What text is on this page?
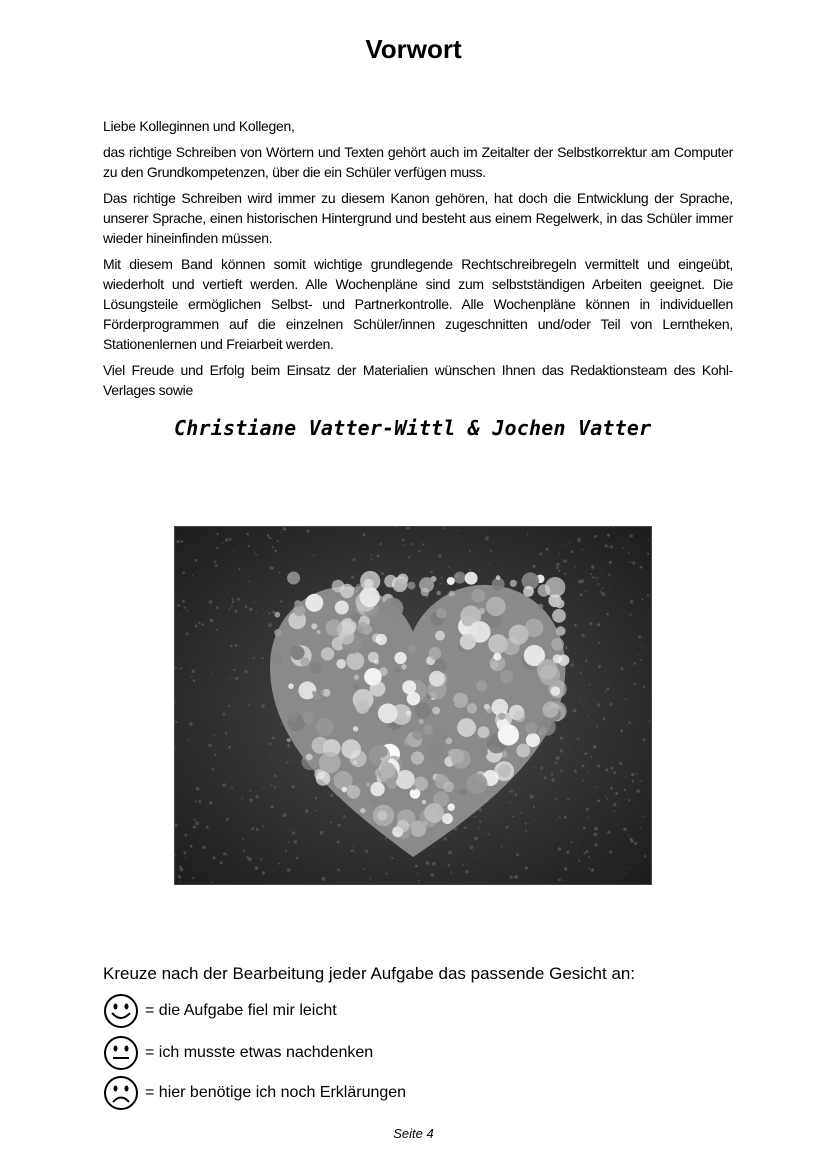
Vorwort

Liebe Kolleginnen und Kollegen,

das richtige Schreiben von Wörtern und Texten gehört auch im Zeitalter der Selbstkorrektur am Computer zu den Grundkompetenzen, über die ein Schüler verfügen muss.

Das richtige Schreiben wird immer zu diesem Kanon gehören, hat doch die Entwicklung der Sprache, unserer Sprache, einen historischen Hintergrund und besteht aus einem Regelwerk, in das Schüler immer wieder hineinfinden müssen.

Mit diesem Band können somit wichtige grundlegende Rechtschreibregeln vermittelt und eingeübt, wiederholt und vertieft werden. Alle Wochenpläne sind zum selbstständigen Arbeiten geeignet. Die Lösungsteile ermöglichen Selbst- und Partnerkontrolle. Alle Wochenpläne können in individuellen Förderprogrammen auf die einzelnen Schüler/innen zugeschnitten und/oder Teil von Lerntheken, Stationenlernen und Freiarbeit werden.

Viel Freude und Erfolg beim Einsatz der Materialien wünschen Ihnen das Redaktionsteam des Kohl-Verlages sowie

Christiane Vatter-Wittl & Jochen Vatter
Kreuze nach der Bearbeitung jeder Aufgabe das passende Gesicht an:
= die Aufgabe fiel mir leicht
= ich musste etwas nachdenken
= hier benötige ich noch Erklärungen
Seite 4
